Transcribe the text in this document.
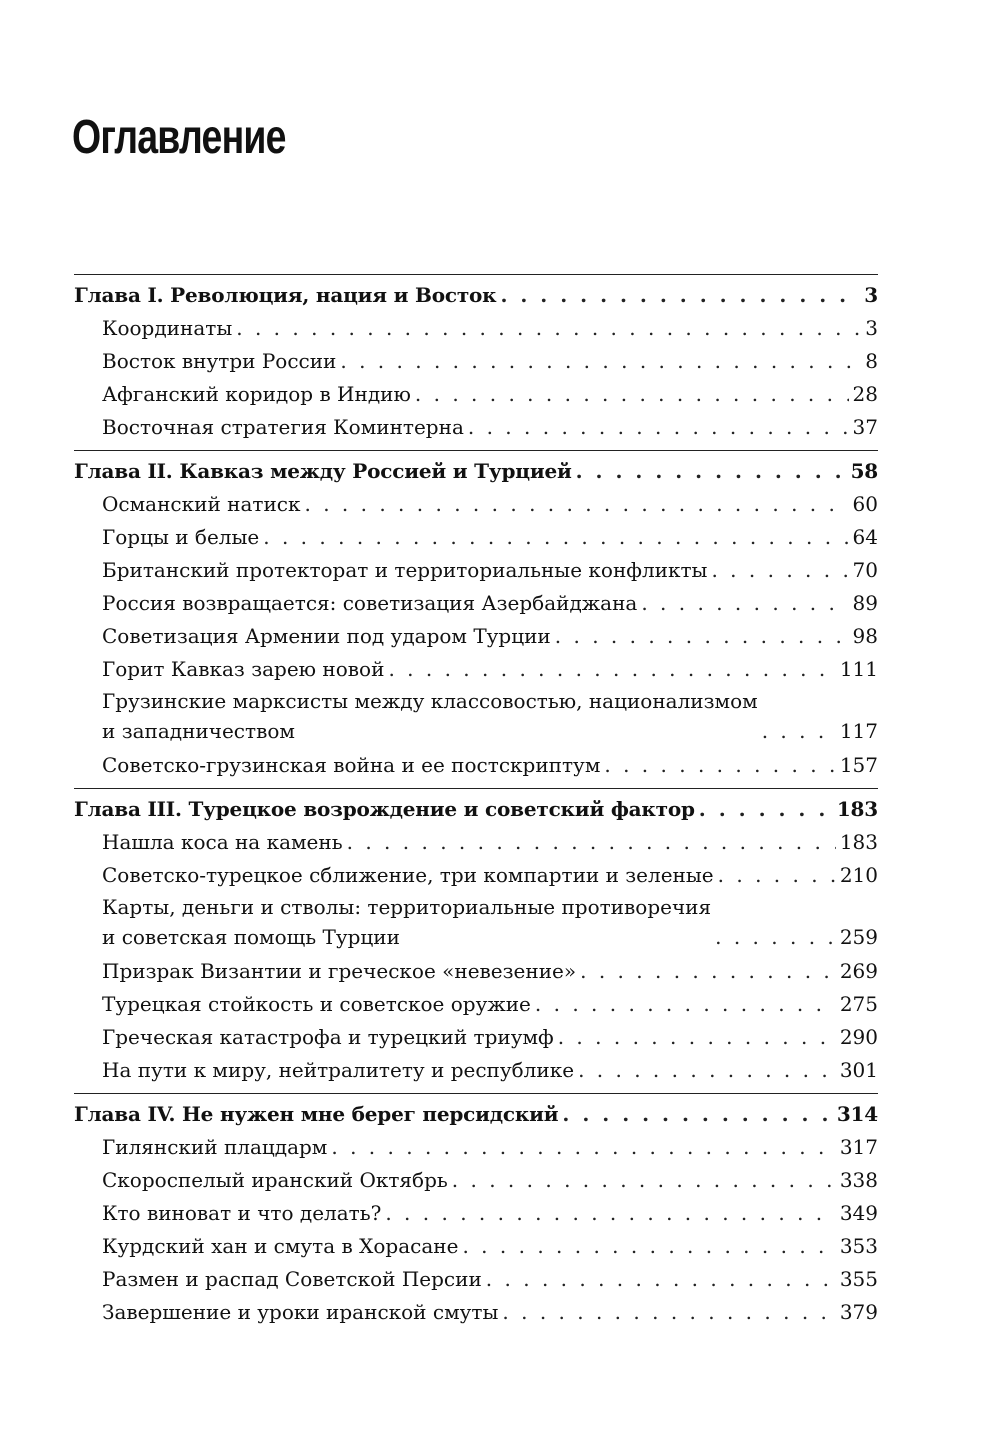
Оглавление
Глава I. Революция, нация и Восток . . .	3
Координаты . . .	3
Восток внутри России . . .	8
Афганский коридор в Индию . . .	28
Восточная стратегия Коминтерна . . .	37
Глава II. Кавказ между Россией и Турцией . . .	58
Османский натиск . . .	60
Горцы и белые . . .	64
Британский протекторат и территориальные конфликты . . .	70
Россия возвращается: советизация Азербайджана . . .	89
Советизация Армении под ударом Турции . . .	98
Горит Кавказ зарею новой . . .	111
Грузинские марксисты между классовостью, национализмом
и западничеством . . .	117
Советско-грузинская война и ее постскриптум . . .	157
Глава III. Турецкое возрождение и советский фактор . . .	183
Нашла коса на камень . . .	183
Советско-турецкое сближение, три компартии и зеленые . . .	210
Карты, деньги и стволы: территориальные противоречия
и советская помощь Турции . . .	259
Призрак Византии и греческое «невезение» . . .	269
Турецкая стойкость и советское оружие . . .	275
Греческая катастрофа и турецкий триумф . . .	290
На пути к миру, нейтралитету и республике . . .	301
Глава IV. Не нужен мне берег персидский . . .	314
Гилянский плацдарм . . .	317
Скороспелый иранский Октябрь . . .	338
Кто виноват и что делать? . . .	349
Курдский хан и смута в Хорасане . . .	353
Размен и распад Советской Персии . . .	355
Завершение и уроки иранской смуты . . .	379
